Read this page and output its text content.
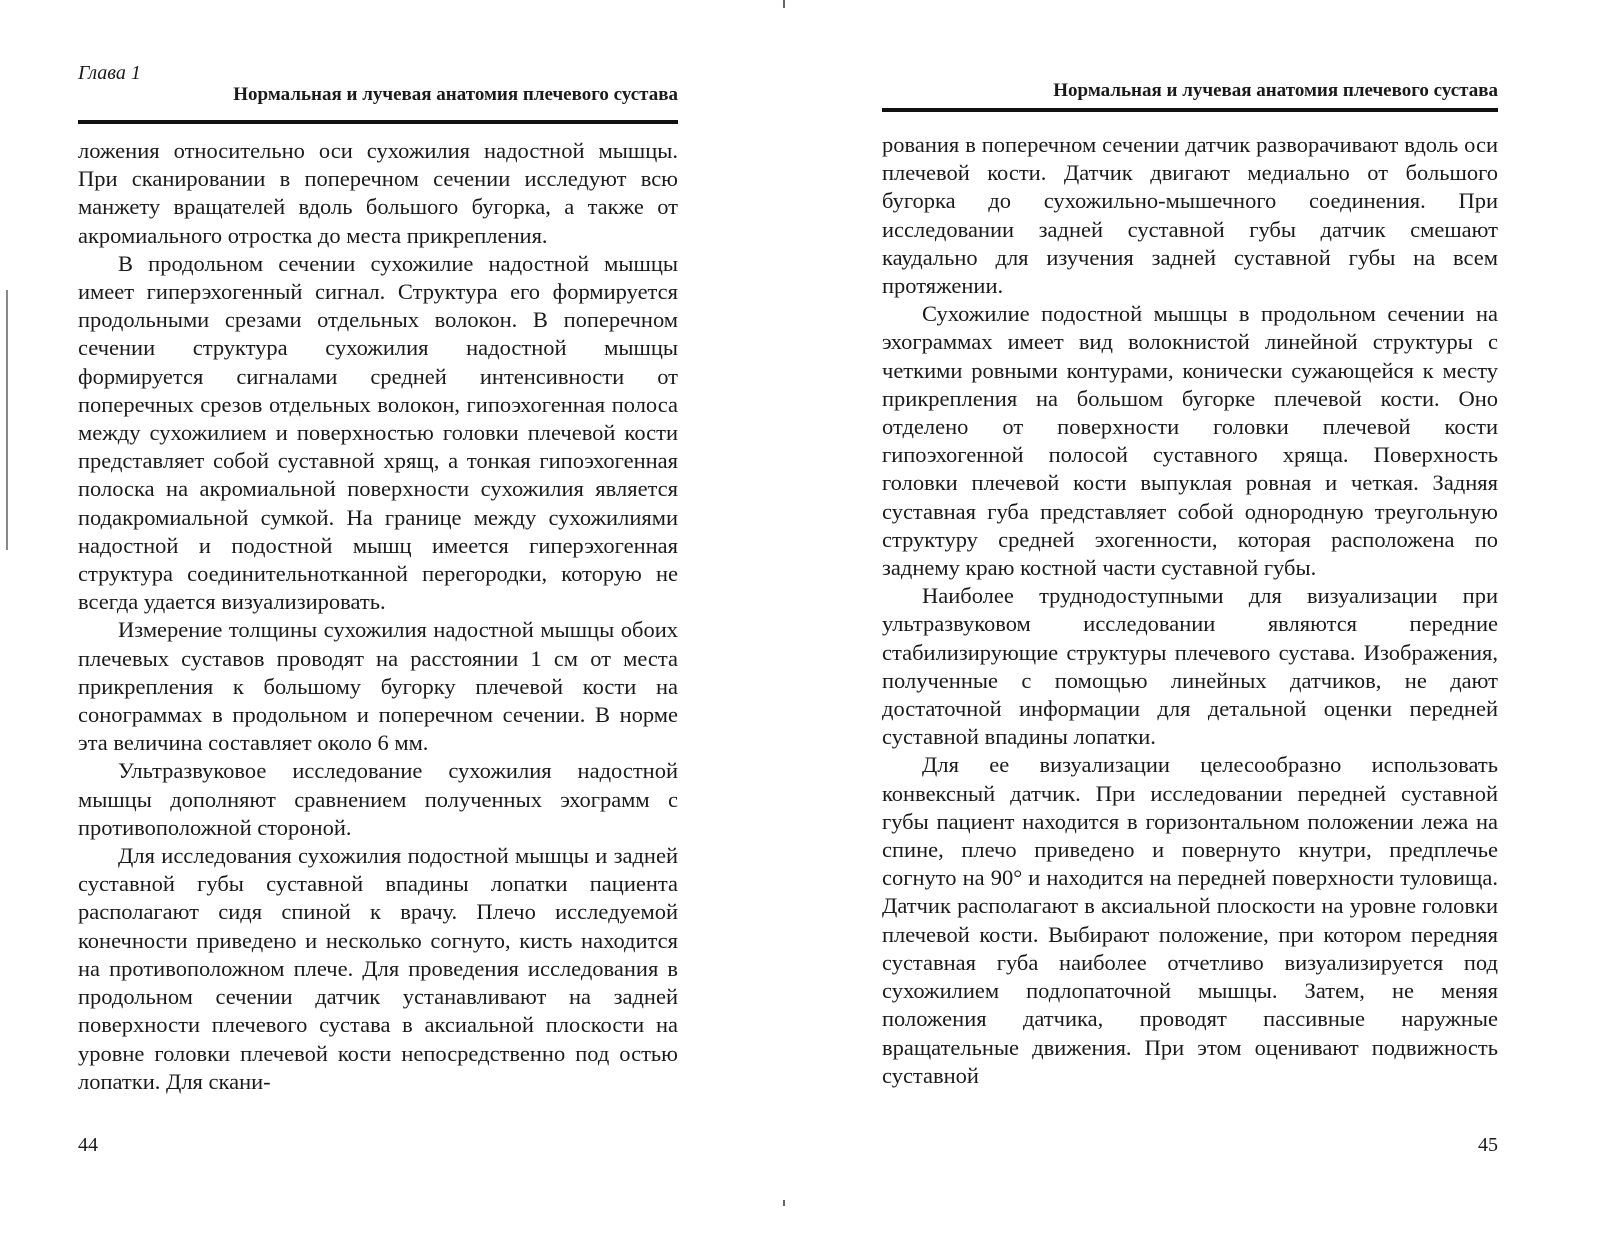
Глава 1
Нормальная и лучевая анатомия плечевого сустава

ложения относительно оси сухожилия надостной мышцы. При сканировании в поперечном сечении исследуют всю манжету вращателей вдоль большого бугорка, а также от акромиального отростка до места прикрепления.

В продольном сечении сухожилие надостной мышцы имеет гиперэхогенный сигнал. Структура его формируется продольными срезами отдельных волокон. В поперечном сечении структура сухожилия надостной мышцы формируется сигналами средней интенсивности от поперечных срезов отдельных волокон, гипоэхогенная полоса между сухожилием и поверхностью головки плечевой кости представляет собой суставной хрящ, а тонкая гипоэхогенная полоска на акромиальной поверхности сухожилия является подакромиальной сумкой. На границе между сухожилиями надостной и подостной мышц имеется гиперэхогенная структура соединительнотканной перегородки, которую не всегда удается визуализировать.

Измерение толщины сухожилия надостной мышцы обоих плечевых суставов проводят на расстоянии 1 см от места прикрепления к большому бугорку плечевой кости на сонограммах в продольном и поперечном сечении. В норме эта величина составляет около 6 мм.

Ультразвуковое исследование сухожилия надостной мышцы дополняют сравнением полученных эхограмм с противоположной стороной.

Для исследования сухожилия подостной мышцы и задней суставной губы суставной впадины лопатки пациента располагают сидя спиной к врачу. Плечо исследуемой конечности приведено и несколько согнуто, кисть находится на противоположном плече. Для проведения исследования в продольном сечении датчик устанавливают на задней поверхности плечевого сустава в аксиальной плоскости на уровне головки плечевой кости непосредственно под остью лопатки. Для скани-

44
Нормальная и лучевая анатомия плечевого сустава

рования в поперечном сечении датчик разворачивают вдоль оси плечевой кости. Датчик двигают медиально от большого бугорка до сухожильно-мышечного соединения. При исследовании задней суставной губы датчик смешают каудально для изучения задней суставной губы на всем протяжении.

Сухожилие подостной мышцы в продольном сечении на эхограммах имеет вид волокнистой линейной структуры с четкими ровными контурами, конически сужающейся к месту прикрепления на большом бугорке плечевой кости. Оно отделено от поверхности головки плечевой кости гипоэхогенной полосой суставного хряща. Поверхность головки плечевой кости выпуклая ровная и четкая. Задняя суставная губа представляет собой однородную треугольную структуру средней эхогенности, которая расположена по заднему краю костной части суставной губы.

Наиболее труднодоступными для визуализации при ультразвуковом исследовании являются передние стабилизирующие структуры плечевого сустава. Изображения, полученные с помощью линейных датчиков, не дают достаточной информации для детальной оценки передней суставной впадины лопатки.

Для ее визуализации целесообразно использовать конвексный датчик. При исследовании передней суставной губы пациент находится в горизонтальном положении лежа на спине, плечо приведено и повернуто кнутри, предплечье согнуто на 90° и находится на передней поверхности туловища. Датчик располагают в аксиальной плоскости на уровне головки плечевой кости. Выбирают положение, при котором передняя суставная губа наиболее отчетливо визуализируется под сухожилием подлопаточной мышцы. Затем, не меняя положения датчика, проводят пассивные наружные вращательные движения. При этом оценивают подвижность суставной

45
